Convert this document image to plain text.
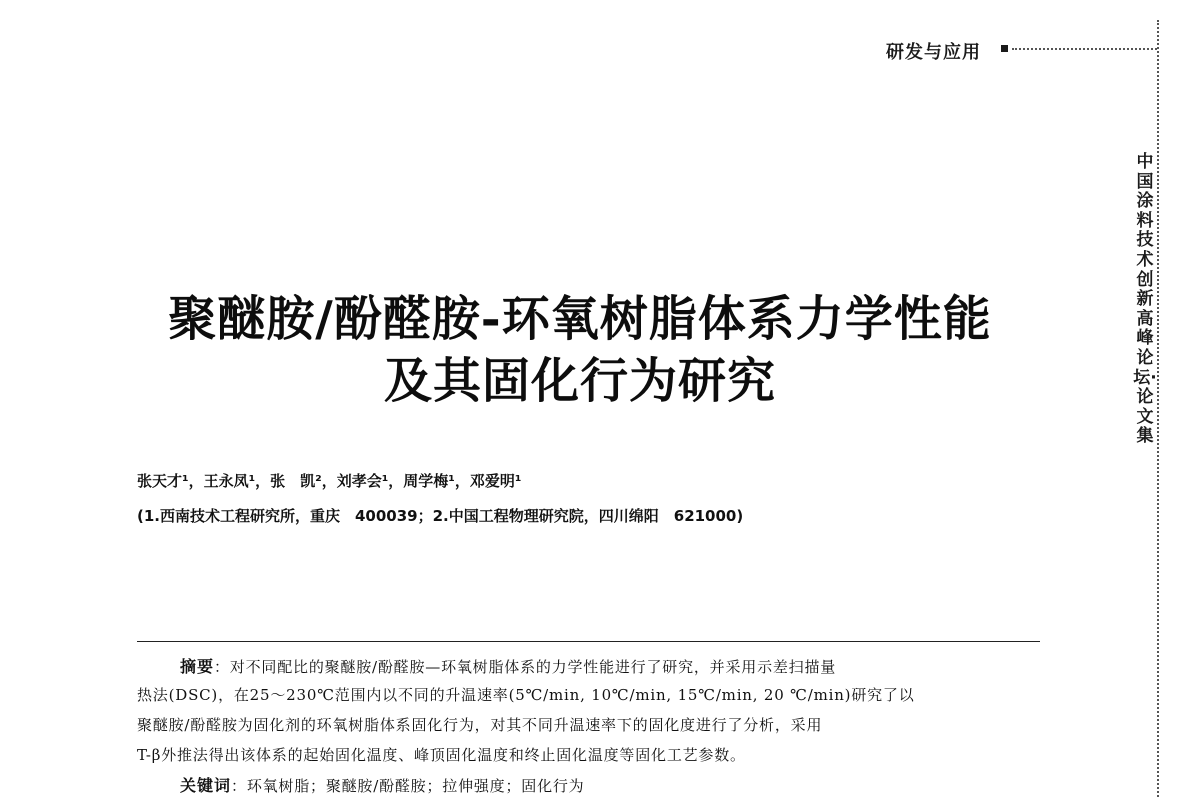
研发与应用
中国涂料技术创新高峰论坛·论文集
聚醚胺/酚醛胺-环氧树脂体系力学性能
及其固化行为研究
张天才¹，王永凤¹，张　凯²，刘孝会¹，周学梅¹，邓爱明¹
(1.西南技术工程研究所，重庆　400039；2.中国工程物理研究院，四川绵阳　621000)
摘要：对不同配比的聚醚胺/酚醛胺—环氧树脂体系的力学性能进行了研究，并采用示差扫描量
热法(DSC)，在25～230℃范围内以不同的升温速率(5℃/min, 10℃/min, 15℃/min, 20 ℃/min)研究了以
聚醚胺/酚醛胺为固化剂的环氧树脂体系固化行为，对其不同升温速率下的固化度进行了分析，采用
T-β外推法得出该体系的起始固化温度、峰顶固化温度和终止固化温度等固化工艺参数。
关键词：环氧树脂；聚醚胺/酚醛胺；拉伸强度；固化行为
